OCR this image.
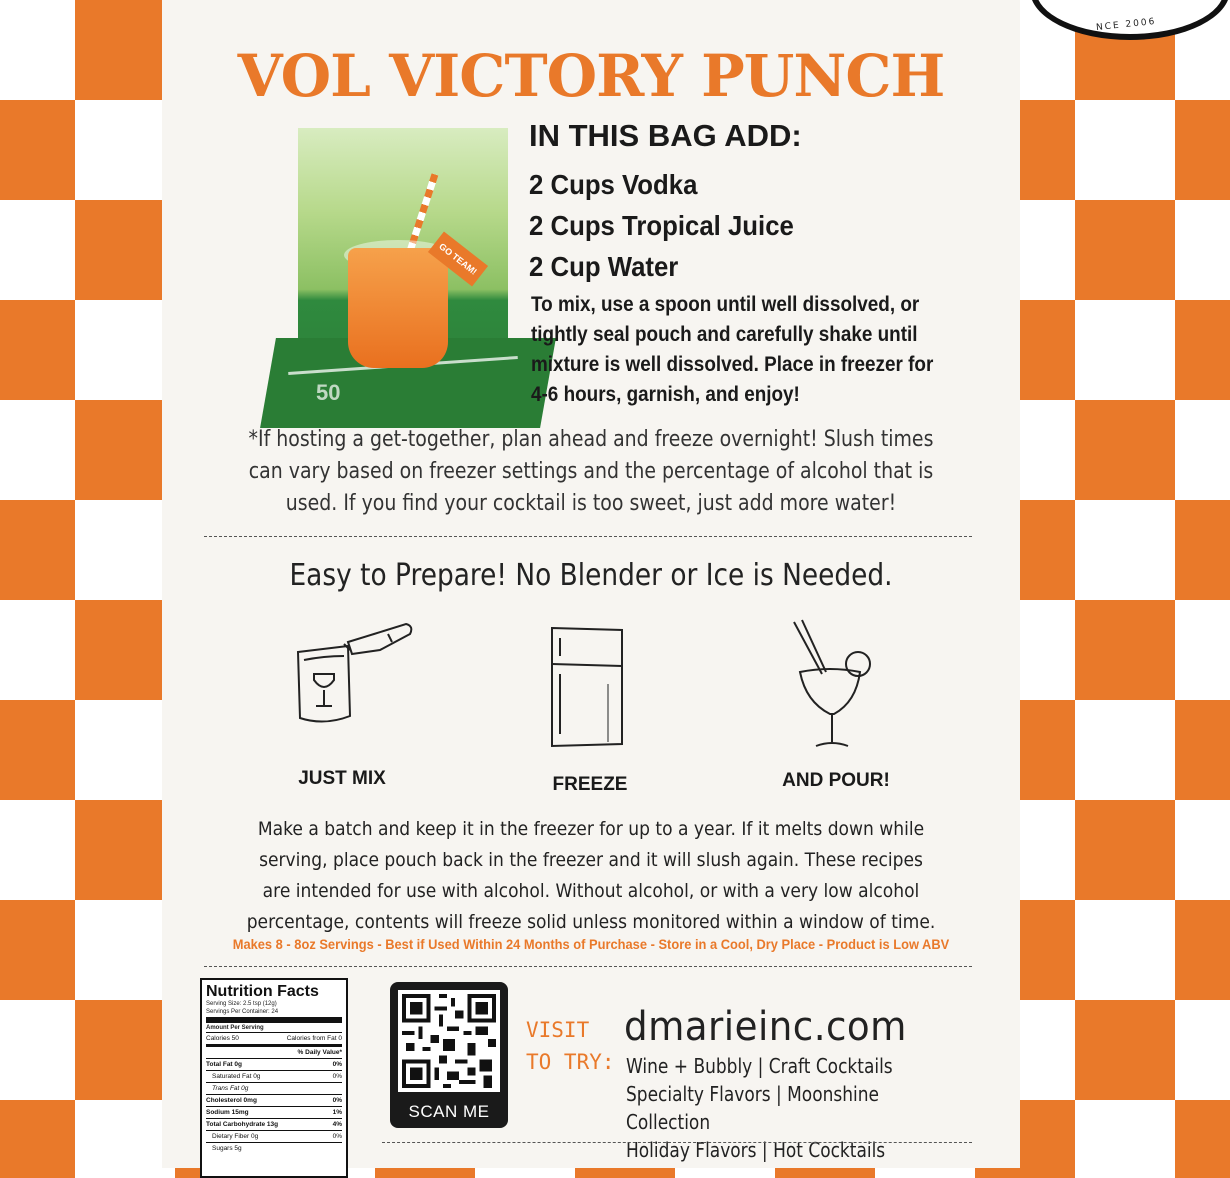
NCE 2006
VOL VICTORY PUNCH
GO TEAM!
50
IN THIS BAG ADD:
2 Cups Vodka
2 Cups Tropical Juice
2 Cup Water
To mix, use a spoon until well dissolved, or tightly seal pouch and carefully shake until mixture is well dissolved. Place in freezer for 4-6 hours, garnish, and enjoy!
*If hosting a get-together, plan ahead and freeze overnight! Slush times can vary based on freezer settings and the percentage of alcohol that is used. If you find your cocktail is too sweet, just add more water!
Easy to Prepare! No Blender or Ice is Needed.
JUST MIX	FREEZE	AND POUR!
Make a batch and keep it in the freezer for up to a year. If it melts down while serving, place pouch back in the freezer and it will slush again. These recipes are intended for use with alcohol. Without alcohol, or with a very low alcohol percentage, contents will freeze solid unless monitored within a window of time.
Makes 8 - 8oz Servings - Best if Used Within 24 Months of Purchase - Store in a Cool, Dry Place - Product is Low ABV
Nutrition Facts
Serving Size: 2.5 tsp (12g)
Servings Per Container: 24
Amount Per Serving
Calories 50	Calories from Fat 0
% Daily Value*
Total Fat 0g	0%
Saturated Fat 0g	0%
Trans Fat 0g
Cholesterol 0mg	0%
Sodium 15mg	1%
Total Carbohydrate 13g	4%
Dietary Fiber 0g	0%
Sugars 5g
SCAN ME
VISIT
TO TRY:
dmarieinc.com
Wine + Bubbly | Craft Cocktails
Specialty Flavors | Moonshine Collection
Holiday Flavors | Hot Cocktails
